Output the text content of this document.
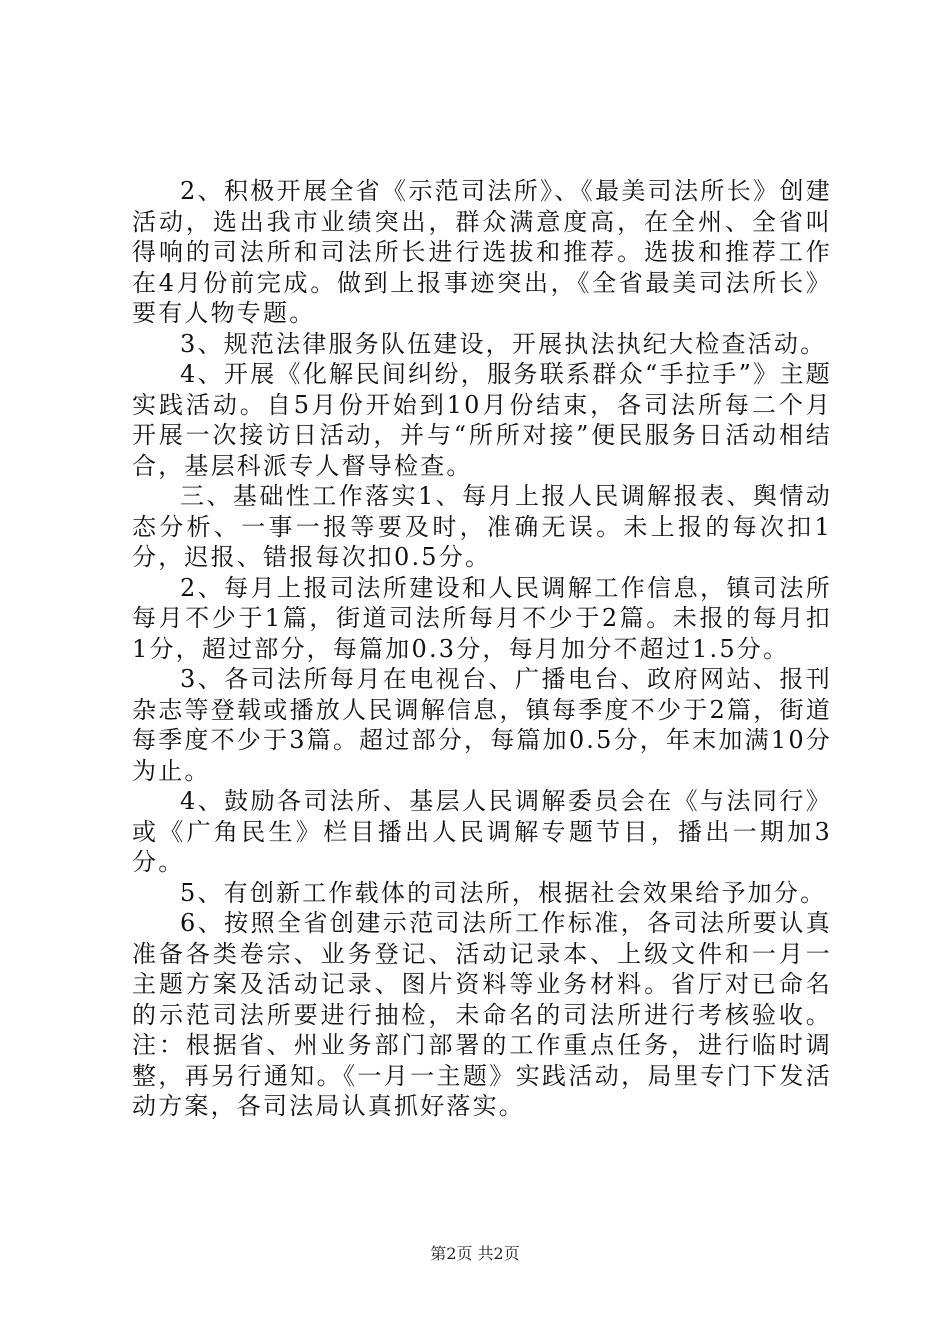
2、积极开展全省《示范司法所》、《最美司法所长》创建活动，选出我市业绩突出，群众满意度高，在全州、全省叫得响的司法所和司法所长进行选拔和推荐。选拔和推荐工作在4月份前完成。做到上报事迹突出，《全省最美司法所长》要有人物专题。

3、规范法律服务队伍建设，开展执法执纪大检查活动。

4、开展《化解民间纠纷，服务联系群众“手拉手”》主题实践活动。自5月份开始到10月份结束，各司法所每二个月开展一次接访日活动，并与“所所对接”便民服务日活动相结合，基层科派专人督导检查。

三、基础性工作落实1、每月上报人民调解报表、舆情动态分析、一事一报等要及时，准确无误。未上报的每次扣1分，迟报、错报每次扣0.5分。

2、每月上报司法所建设和人民调解工作信息，镇司法所每月不少于1篇，街道司法所每月不少于2篇。未报的每月扣1分，超过部分，每篇加0.3分，每月加分不超过1.5分。

3、各司法所每月在电视台、广播电台、政府网站、报刊杂志等登载或播放人民调解信息，镇每季度不少于2篇，街道每季度不少于3篇。超过部分，每篇加0.5分，年末加满10分为止。

4、鼓励各司法所、基层人民调解委员会在《与法同行》或《广角民生》栏目播出人民调解专题节目，播出一期加3分。

5、有创新工作载体的司法所，根据社会效果给予加分。

6、按照全省创建示范司法所工作标准，各司法所要认真准备各类卷宗、业务登记、活动记录本、上级文件和一月一主题方案及活动记录、图片资料等业务材料。省厅对已命名的示范司法所要进行抽检，未命名的司法所进行考核验收。注：根据省、州业务部门部署的工作重点任务，进行临时调整，再另行通知。《一月一主题》实践活动，局里专门下发活动方案，各司法局认真抓好落实。

第2页 共2页
